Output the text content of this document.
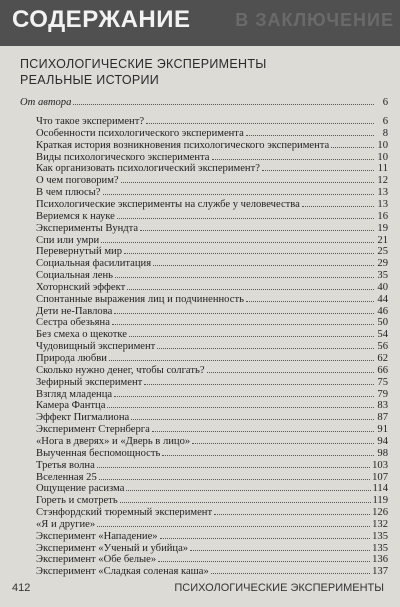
СОДЕРЖАНИЕ В ЗАКЛЮЧЕНИЕ
ПСИХОЛОГИЧЕСКИЕ ЭКСПЕРИМЕНТЫ
РЕАЛЬНЫЕ ИСТОРИИ
От автора	6
Что такое эксперимент?	6
Особенности психологического эксперимента	8
Краткая история возникновения психологического эксперимента	10
Виды психологического эксперимента	10
Как организовать психологический эксперимент?	11
О чем поговорим?	12
В чем плюсы?	13
Психологические эксперименты на службе у человечества	13
Вериемся к науке	16
Эксперименты Вундта	19
Спи или умри	21
Перевернутый мир	25
Социальная фасилитация	29
Социальная лень	35
Хоторнский эффект	40
Спонтанные выражения лиц и подчиненность	44
Дети не-Павлова	46
Сестра обезьяна	50
Без смеха о щекотке	54
Чудовищный эксперимент	56
Природа любви	62
Сколько нужно денег, чтобы солгать?	66
Зефирный эксперимент	75
Взгляд младенца	79
Камера Фантца	83
Эффект Пигмалиона	87
Эксперимент Стернберга	91
«Нога в дверях» и «Дверь в лицо»	94
Выученная беспомощность	98
Третья волна	103
Вселенная 25	107
Ощущение расизма	114
Гореть и смотреть	119
Стэнфордский тюремный эксперимент	126
«Я и другие»	132
Эксперимент «Нападение»	135
Эксперимент «Ученый и убийца»	135
Эксперимент «Обе белые»	136
Эксперимент «Сладкая соленая каша»	137
412	ПСИХОЛОГИЧЕСКИЕ ЭКСПЕРИМЕНТЫ
